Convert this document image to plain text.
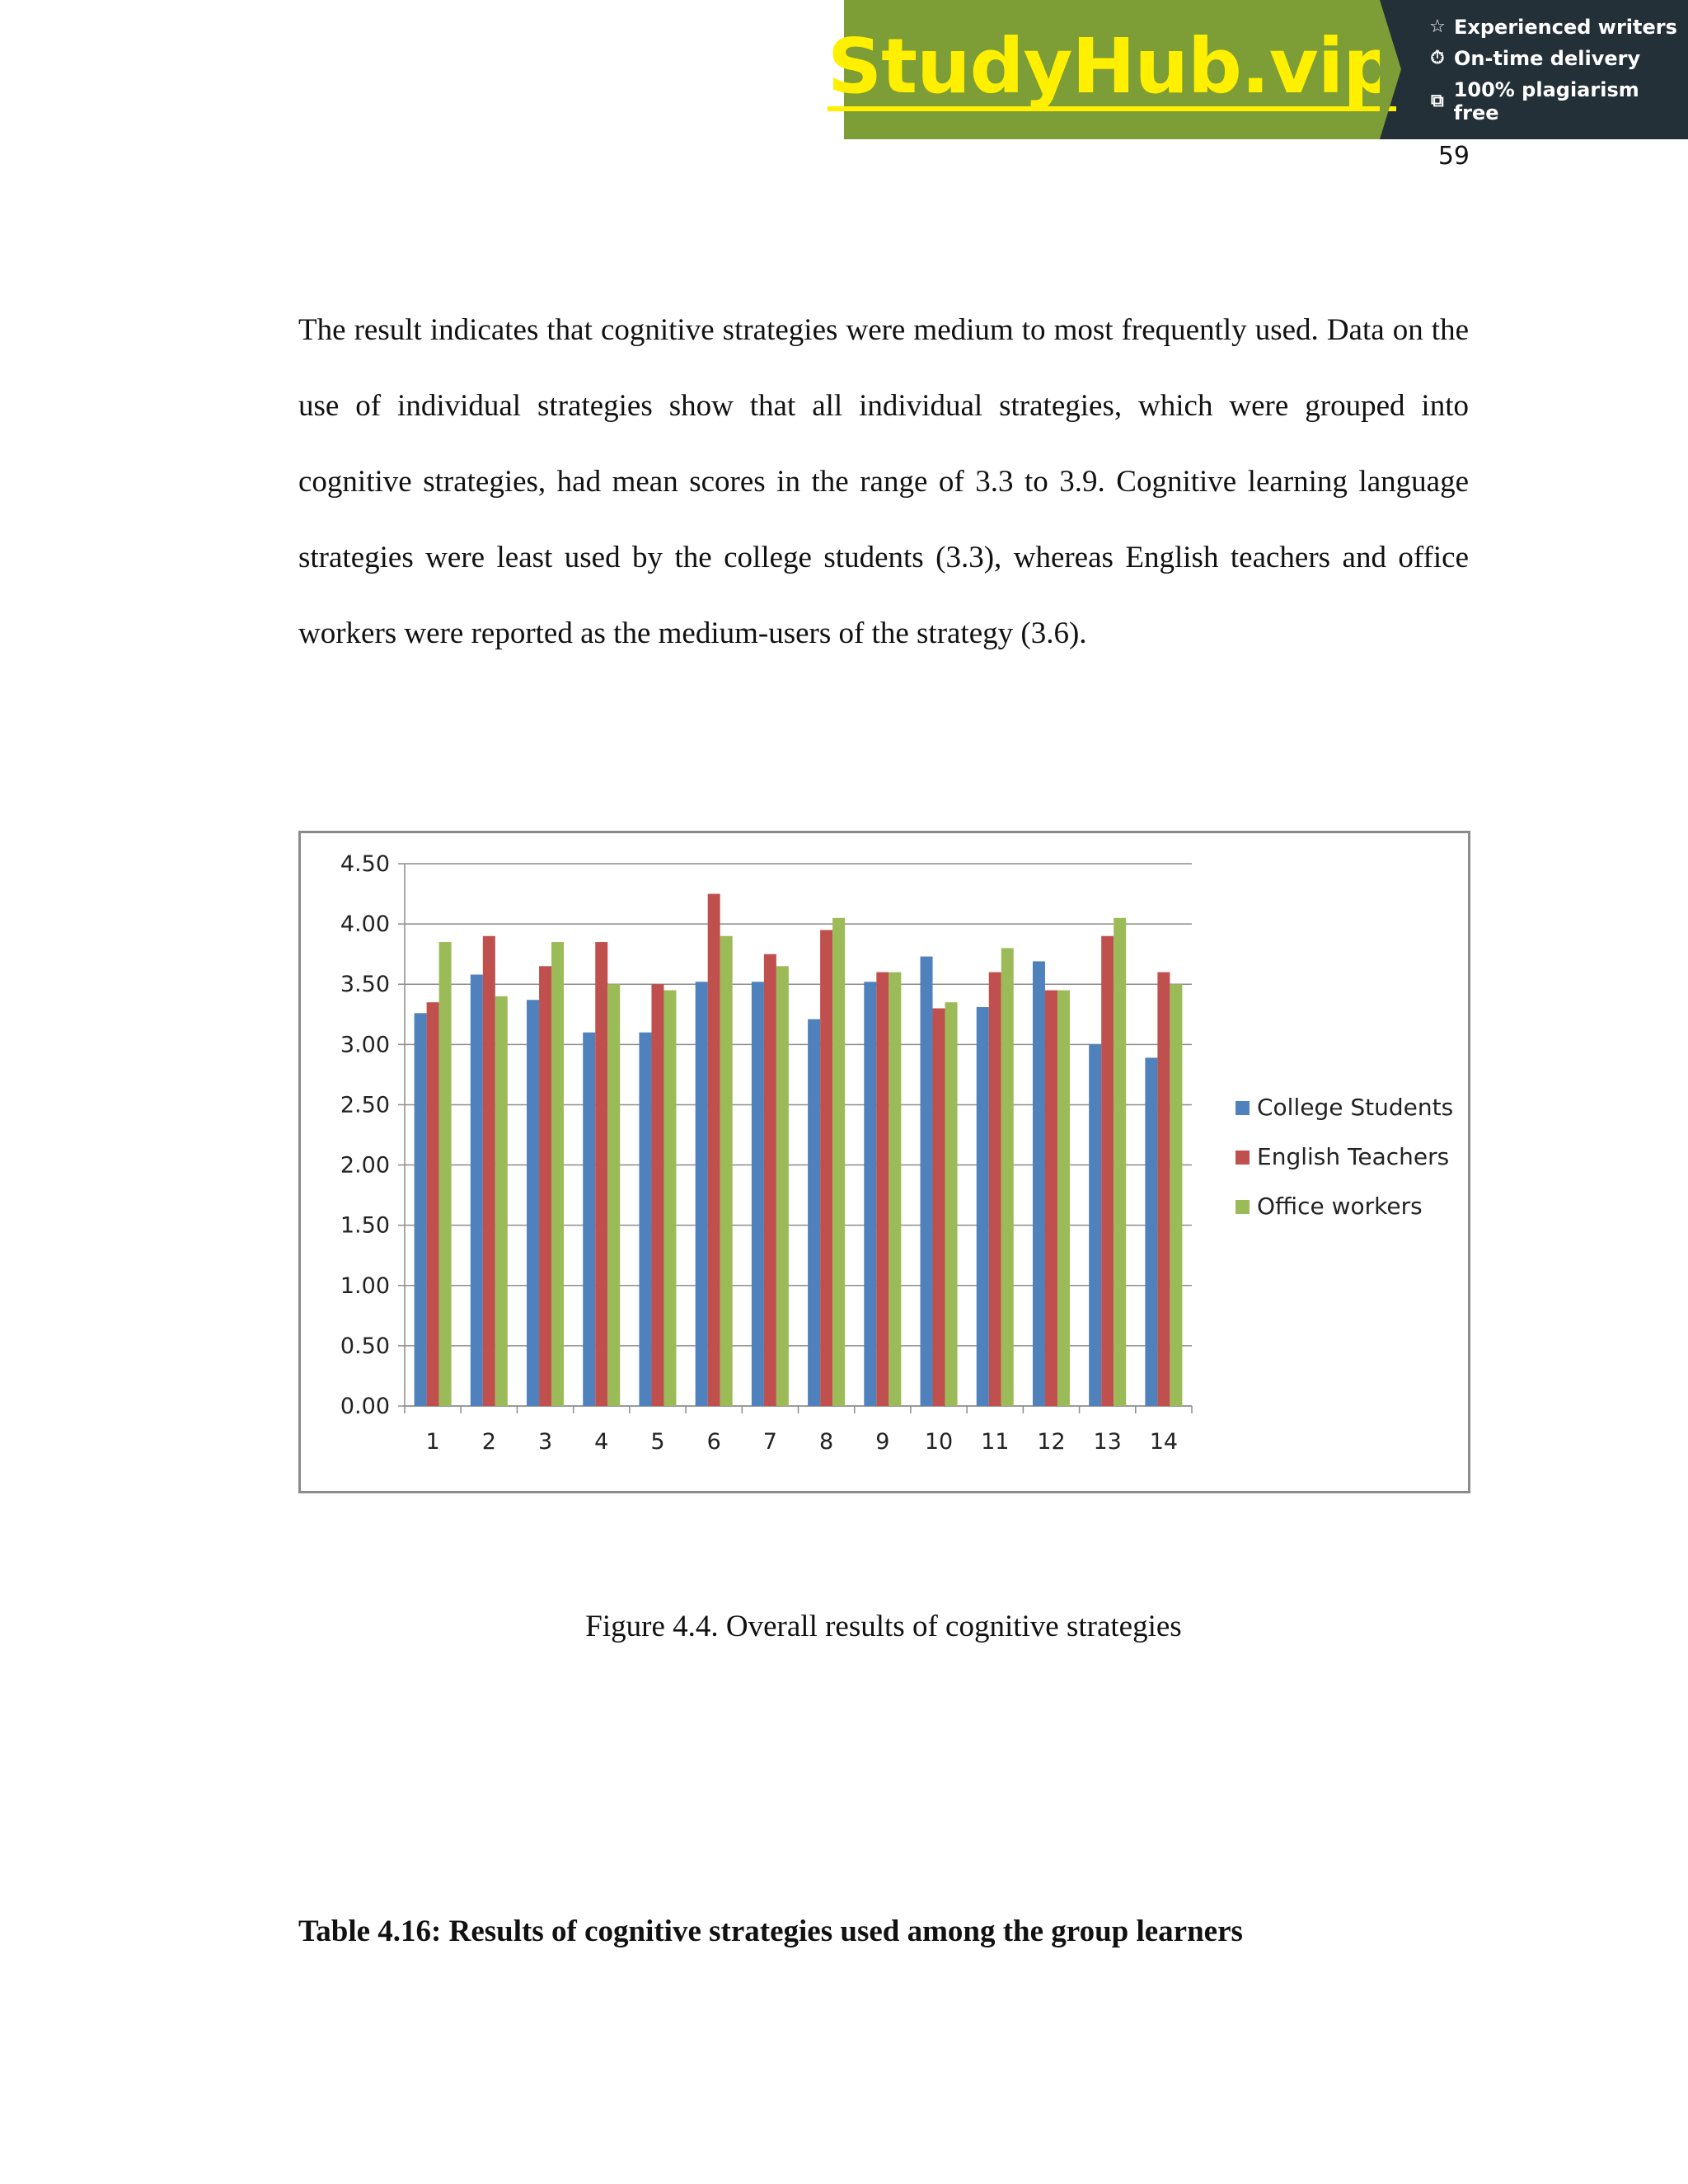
StudyHub.vip ☆ Experienced writers
⏱ On-time delivery
⧉ 100% plagiarism free
59

The result indicates that cognitive strategies were medium to most frequently used. Data on the use of individual strategies show that all individual strategies, which were grouped into cognitive strategies, had mean scores in the range of 3.3 to 3.9. Cognitive learning language strategies were least used by the college students (3.3), whereas English teachers and office workers were reported as the medium-users of the strategy (3.6).

0.00
0.50
1.00
1.50
2.00
2.50
3.00
3.50
4.00
4.50
1 2 3 4 5 6 7 8 9 10 11 12 13 14
College Students
English Teachers
Office workers
Figure 4.4. Overall results of cognitive strategies
Table 4.16: Results of cognitive strategies used among the group learners
